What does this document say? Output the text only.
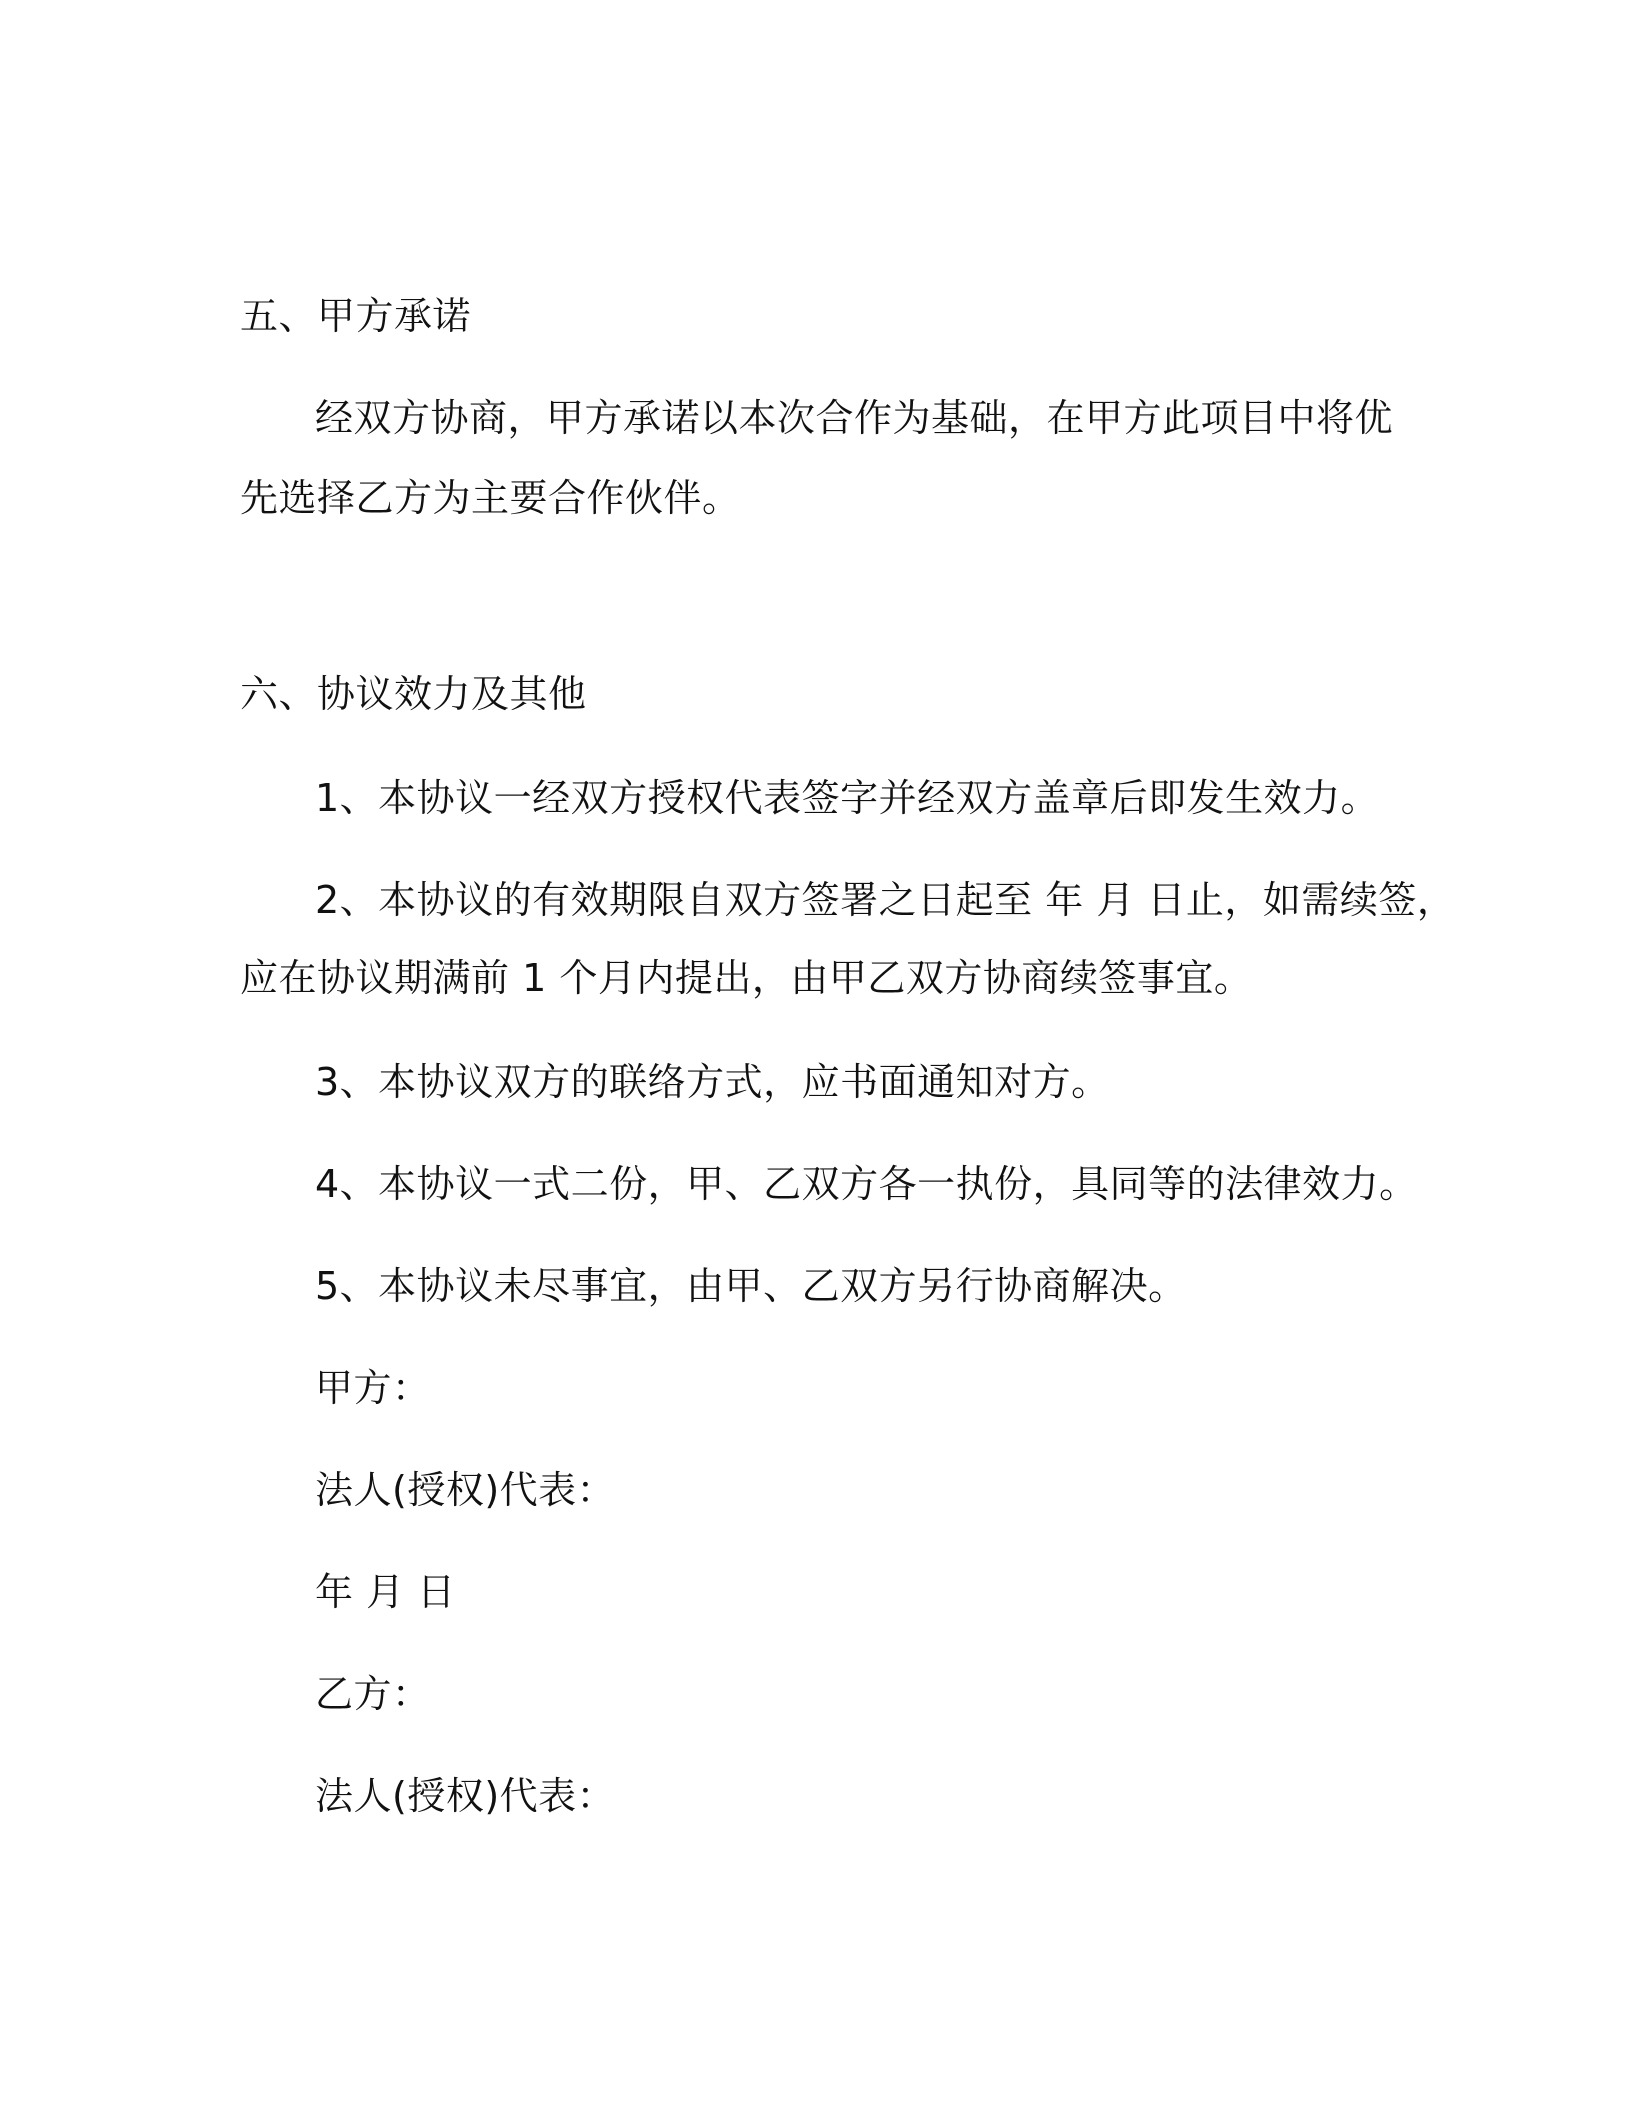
五、甲方承诺
经双方协商，甲方承诺以本次合作为基础，在甲方此项目中将优
先选择乙方为主要合作伙伴。
六、协议效力及其他
1、本协议一经双方授权代表签字并经双方盖章后即发生效力。
2、本协议的有效期限自双方签署之日起至 年 月 日止，如需续签，
应在协议期满前 1 个月内提出，由甲乙双方协商续签事宜。
3、本协议双方的联络方式，应书面通知对方。
4、本协议一式二份，甲、乙双方各一执份，具同等的法律效力。
5、本协议未尽事宜，由甲、乙双方另行协商解决。
甲方：
法人(授权)代表：
年 月 日
乙方：
法人(授权)代表：
